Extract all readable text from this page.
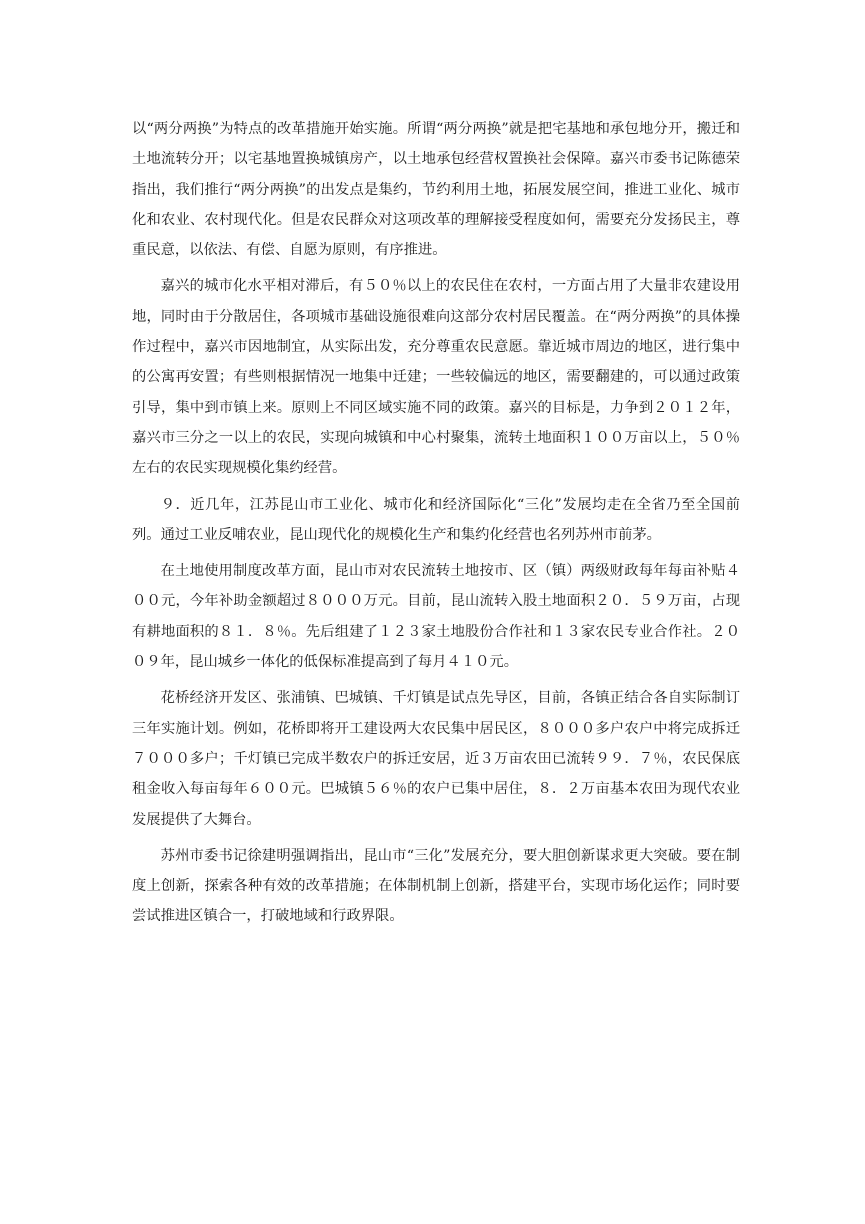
以“两分两换”为特点的改革措施开始实施。所谓“两分两换”就是把宅基地和承包地分开，搬迁和土地流转分开；以宅基地置换城镇房产，以土地承包经营权置换社会保障。嘉兴市委书记陈德荣指出，我们推行“两分两换”的出发点是集约，节约利用土地，拓展发展空间，推进工业化、城市化和农业、农村现代化。但是农民群众对这项改革的理解接受程度如何，需要充分发扬民主，尊重民意，以依法、有偿、自愿为原则，有序推进。

嘉兴的城市化水平相对滞后，有５０％以上的农民住在农村，一方面占用了大量非农建设用地，同时由于分散居住，各项城市基础设施很难向这部分农村居民覆盖。在“两分两换”的具体操作过程中，嘉兴市因地制宜，从实际出发，充分尊重农民意愿。靠近城市周边的地区，进行集中的公寓再安置；有些则根据情况一地集中迁建；一些较偏远的地区，需要翻建的，可以通过政策引导，集中到市镇上来。原则上不同区域实施不同的政策。嘉兴的目标是，力争到２０１２年，嘉兴市三分之一以上的农民，实现向城镇和中心村聚集，流转土地面积１００万亩以上，５０％左右的农民实现规模化集约经营。

９．近几年，江苏昆山市工业化、城市化和经济国际化“三化”发展均走在全省乃至全国前列。通过工业反哺农业，昆山现代化的规模化生产和集约化经营也名列苏州市前茅。

在土地使用制度改革方面，昆山市对农民流转土地按市、区（镇）两级财政每年每亩补贴４００元，今年补助金额超过８０００万元。目前，昆山流转入股土地面积２０．５９万亩，占现有耕地面积的８１．８％。先后组建了１２３家土地股份合作社和１３家农民专业合作社。２００９年，昆山城乡一体化的低保标准提高到了每月４１０元。

花桥经济开发区、张浦镇、巴城镇、千灯镇是试点先导区，目前，各镇正结合各自实际制订三年实施计划。例如，花桥即将开工建设两大农民集中居民区，８０００多户农户中将完成拆迁７０００多户；千灯镇已完成半数农户的拆迁安居，近３万亩农田已流转９９．７％，农民保底租金收入每亩每年６００元。巴城镇５６％的农户已集中居住，８．２万亩基本农田为现代农业发展提供了大舞台。

苏州市委书记徐建明强调指出，昆山市“三化”发展充分，要大胆创新谋求更大突破。要在制度上创新，探索各种有效的改革措施；在体制机制上创新，搭建平台，实现市场化运作；同时要尝试推进区镇合一，打破地域和行政界限。
